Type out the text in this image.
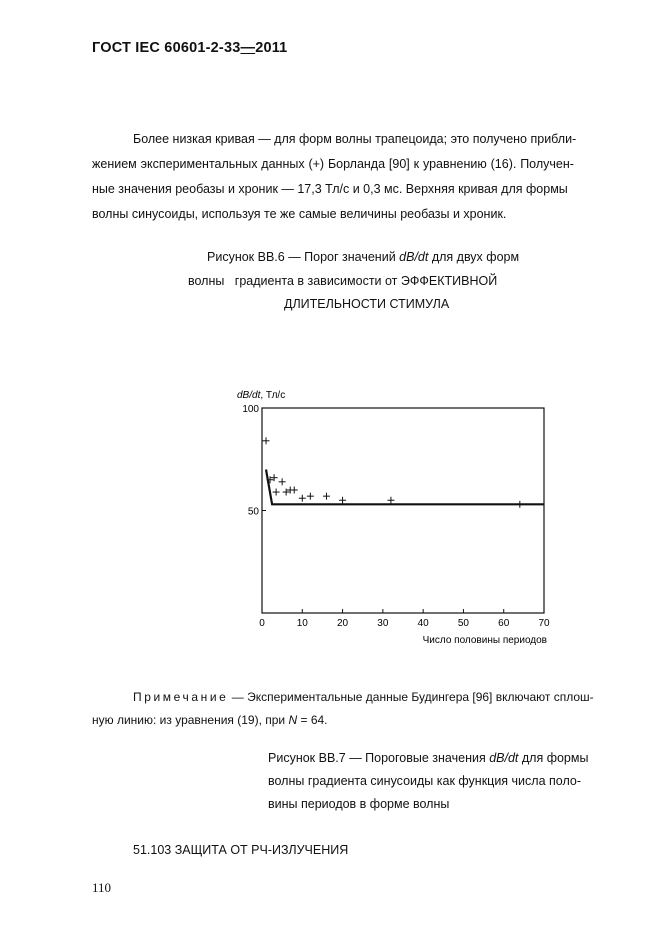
ГОСТ IEC 60601-2-33—2011
Более низкая кривая — для форм волны трапецоида; это получено прибли-
жением экспериментальных данных (+) Борланда [90] к уравнению (16). Получен-
ные значения реобазы и хроник — 17,3 Тл/с и 0,3 мс. Верхняя кривая для формы
волны синусоиды, используя те же самые величины реобазы и хроник.
Рисунок ВВ.6 — Порог значений dB/dt для двух форм
волны   градиента в зависимости от ЭФФЕКТИВНОЙ
ДЛИТЕЛЬНОСТИ СТИМУЛА
dB/dt, Тл/с
50
100
0	10	20	30	40	50	60	70
Число половины периодов
Примечание — Экспериментальные данные Будингера [96] включают сплош-
ную линию: из уравнения (19), при N = 64.
Рисунок ВВ.7 — Пороговые значения dB/dt для формы
волны градиента синусоиды как функция числа поло-
вины периодов в форме волны
51.103 ЗАЩИТА ОТ РЧ-ИЗЛУЧЕНИЯ
110
